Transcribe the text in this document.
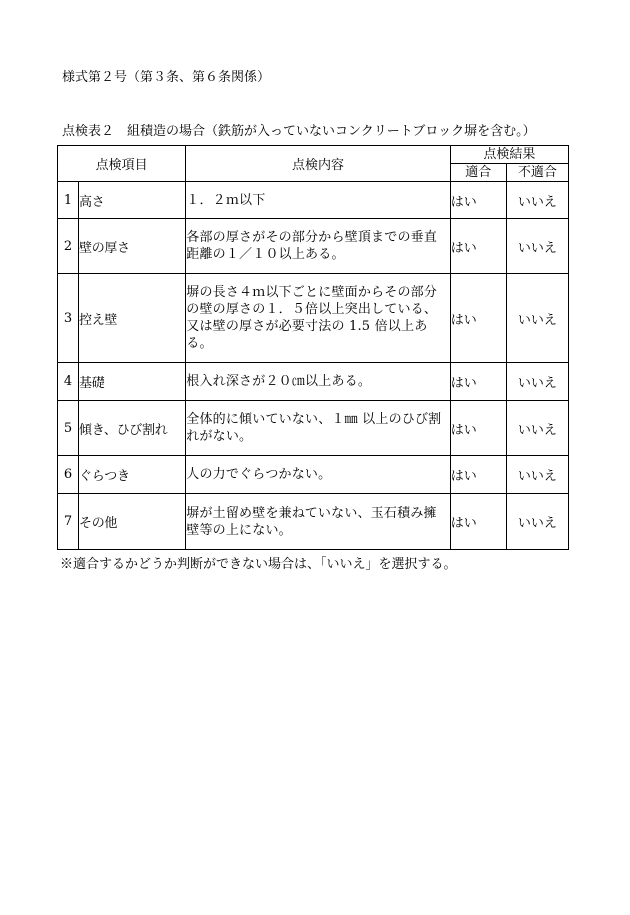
様式第２号（第３条、第６条関係）
点検表２　組積造の場合（鉄筋が入っていないコンクリートブロック塀を含む。）
点検項目		点検内容	点検結果	
			適合	不適合
1	高さ	１．２ｍ以下	はい	いいえ
2	壁の厚さ	各部の厚さがその部分から壁頂までの垂直距離の１／１０以上ある。	はい	いいえ
3	控え壁	塀の長さ４ｍ以下ごとに壁面からその部分の壁の厚さの１．５倍以上突出している、又は壁の厚さが必要寸法の 1.5 倍以上ある。	はい	いいえ
4	基礎	根入れ深さが２０㎝以上ある。	はい	いいえ
5	傾き、ひび割れ	全体的に傾いていない、１㎜ 以上のひび割れがない。	はい	いいえ
6	ぐらつき	人の力でぐらつかない。	はい	いいえ
7	その他	塀が土留め壁を兼ねていない、玉石積み擁壁等の上にない。	はい	いいえ
※適合するかどうか判断ができない場合は、「いいえ」を選択する。
